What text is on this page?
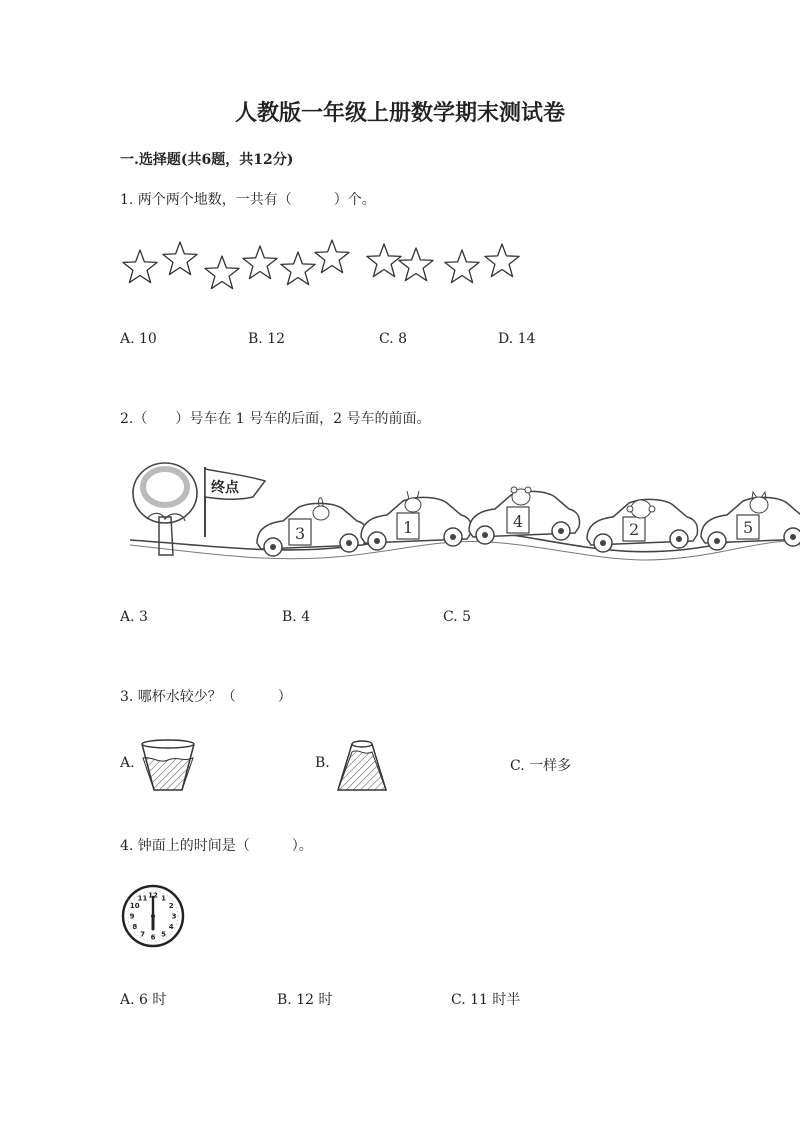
人教版一年级上册数学期末测试卷
一.选择题(共6题，共12分)
1. 两个两个地数，一共有（　　　）个。
A. 10	B. 12	C. 8	D. 14
2.（　　）号车在 1 号车的后面，2 号车的前面。
终点
3	1	4	2	5
A. 3	B. 4	C. 5
3. 哪杯水较少？（　　　）
A.	B.	C. 一样多
4. 钟面上的时间是（　　　）。
12 1
2
3
4
5
6
7
8
9
10
11
A. 6 时	B. 12 时	C. 11 时半
